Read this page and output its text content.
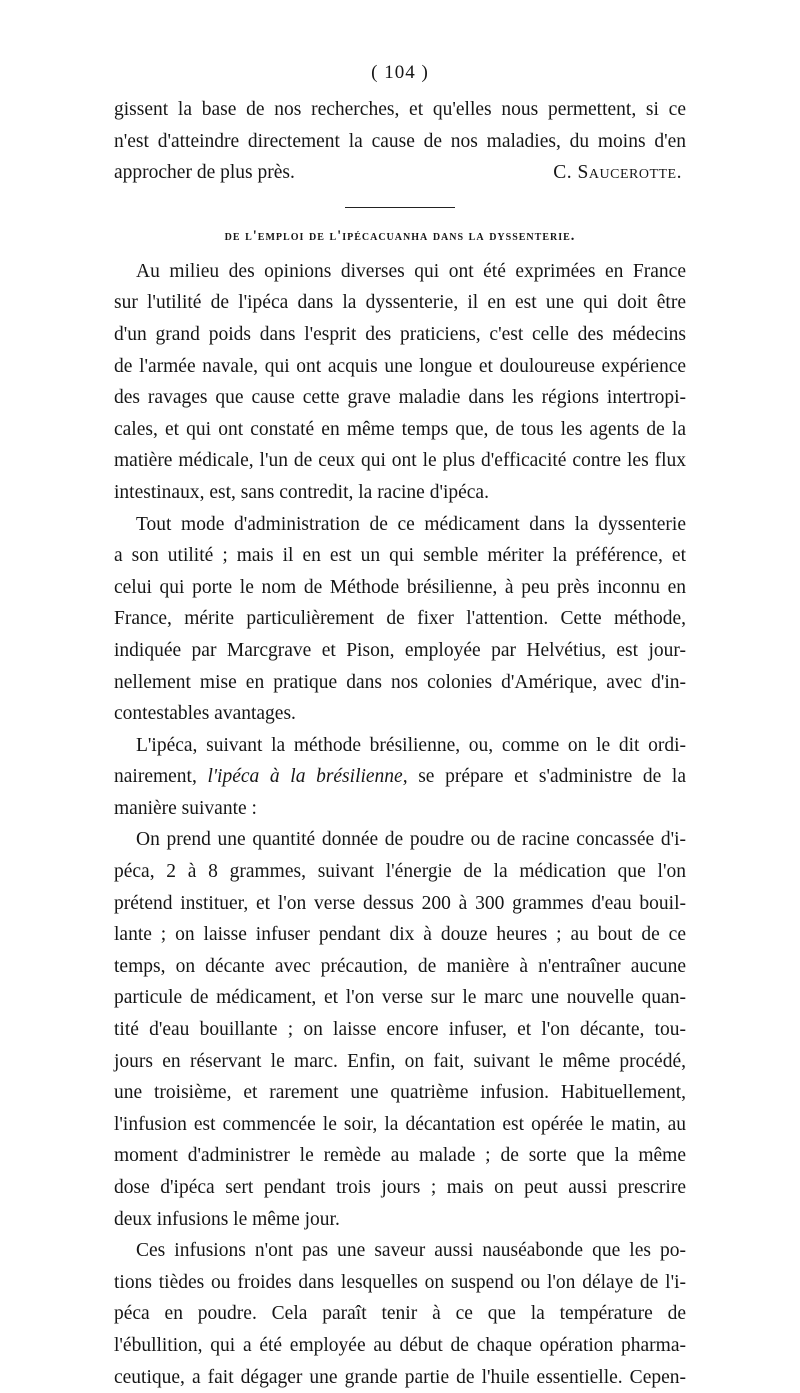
( 104 )
gissent la base de nos recherches, et qu'elles nous permettent, si ce
n'est d'atteindre directement la cause de nos maladies, du moins d'en
approcher de plus près.	C. Saucerotte.
de l'emploi de l'ipécacuanha dans la dyssenterie.
Au milieu des opinions diverses qui ont été exprimées en France
sur l'utilité de l'ipéca dans la dyssenterie, il en est une qui doit être
d'un grand poids dans l'esprit des praticiens, c'est celle des médecins
de l'armée navale, qui ont acquis une longue et douloureuse expérience
des ravages que cause cette grave maladie dans les régions intertropi-
cales, et qui ont constaté en même temps que, de tous les agents de la
matière médicale, l'un de ceux qui ont le plus d'efficacité contre les flux
intestinaux, est, sans contredit, la racine d'ipéca.
Tout mode d'administration de ce médicament dans la dyssenterie
a son utilité ; mais il en est un qui semble mériter la préférence, et
celui qui porte le nom de Méthode brésilienne, à peu près inconnu en
France, mérite particulièrement de fixer l'attention. Cette méthode,
indiquée par Marcgrave et Pison, employée par Helvétius, est jour-
nellement mise en pratique dans nos colonies d'Amérique, avec d'in-
contestables avantages.
L'ipéca, suivant la méthode brésilienne, ou, comme on le dit ordi-
nairement, l'ipéca à la brésilienne, se prépare et s'administre de la
manière suivante :
On prend une quantité donnée de poudre ou de racine concassée d'i-
péca, 2 à 8 grammes, suivant l'énergie de la médication que l'on
prétend instituer, et l'on verse dessus 200 à 300 grammes d'eau bouil-
lante ; on laisse infuser pendant dix à douze heures ; au bout de ce
temps, on décante avec précaution, de manière à n'entraîner aucune
particule de médicament, et l'on verse sur le marc une nouvelle quan-
tité d'eau bouillante ; on laisse encore infuser, et l'on décante, tou-
jours en réservant le marc. Enfin, on fait, suivant le même procédé,
une troisième, et rarement une quatrième infusion. Habituellement,
l'infusion est commencée le soir, la décantation est opérée le matin, au
moment d'administrer le remède au malade ; de sorte que la même
dose d'ipéca sert pendant trois jours ; mais on peut aussi prescrire
deux infusions le même jour.
Ces infusions n'ont pas une saveur aussi nauséabonde que les po-
tions tièdes ou froides dans lesquelles on suspend ou l'on délaye de l'i-
péca en poudre. Cela paraît tenir à ce que la température de
l'ébullition, qui a été employée au début de chaque opération pharma-
ceutique, a fait dégager une grande partie de l'huile essentielle. Cepen-
